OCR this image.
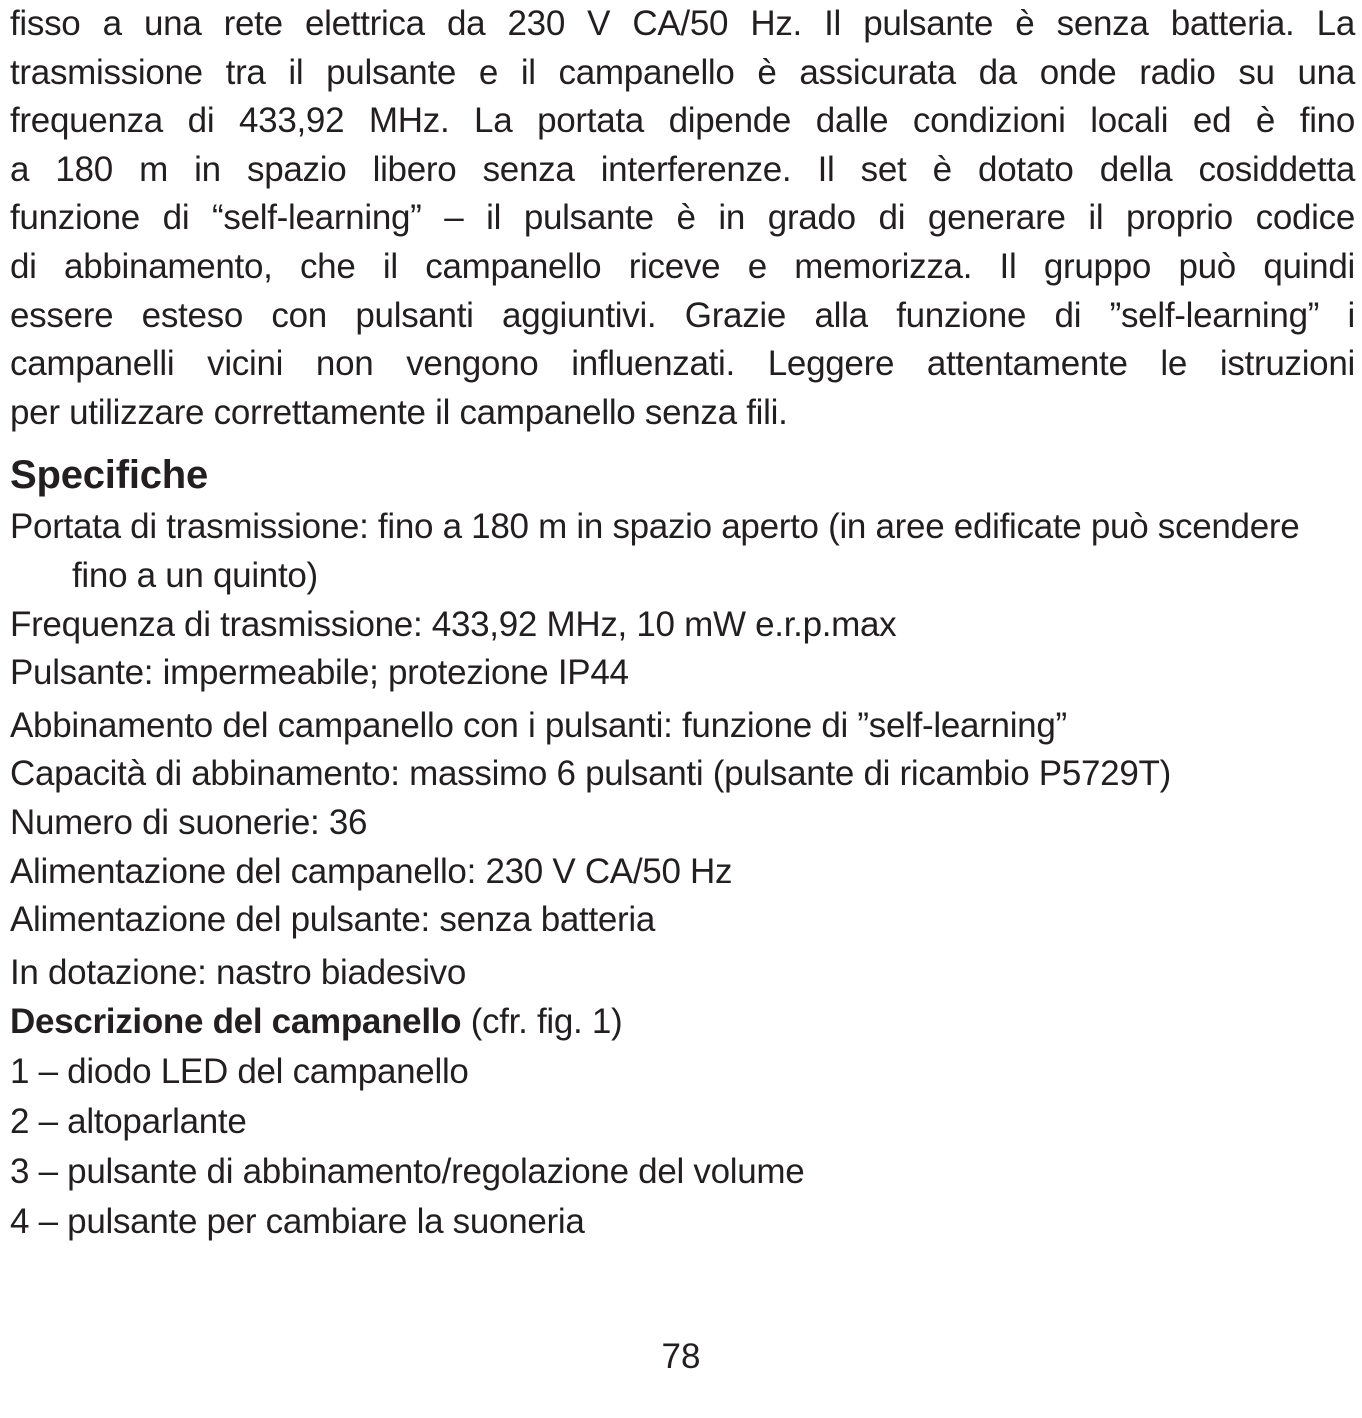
fisso a una rete elettrica da 230 V CA/50 Hz. Il pulsante è senza batteria. La
trasmissione tra il pulsante e il campanello è assicurata da onde radio su una
frequenza di 433,92 MHz. La portata dipende dalle condizioni locali ed è fino
a 180 m in spazio libero senza interferenze. Il set è dotato della cosiddetta
funzione di “self-learning” – il pulsante è in grado di generare il proprio codice
di abbinamento, che il campanello riceve e memorizza. Il gruppo può quindi
essere esteso con pulsanti aggiuntivi. Grazie alla funzione di ”self-learning” i
campanelli vicini non vengono influenzati. Leggere attentamente le istruzioni
per utilizzare correttamente il campanello senza fili.
Specifiche
Portata di trasmissione: fino a 180 m in spazio aperto (in aree edificate può scendere fino a un quinto)
Frequenza di trasmissione: 433,92 MHz, 10 mW e.r.p.max
Pulsante: impermeabile; protezione IP44
Abbinamento del campanello con i pulsanti: funzione di ”self-learning”
Capacità di abbinamento: massimo 6 pulsanti (pulsante di ricambio P5729T)
Numero di suonerie: 36
Alimentazione del campanello: 230 V CA/50 Hz
Alimentazione del pulsante: senza batteria
In dotazione: nastro biadesivo

Descrizione del campanello (cfr. fig. 1)

1 – diodo LED del campanello
2 – altoparlante
3 – pulsante di abbinamento/regolazione del volume
4 – pulsante per cambiare la suoneria
78
